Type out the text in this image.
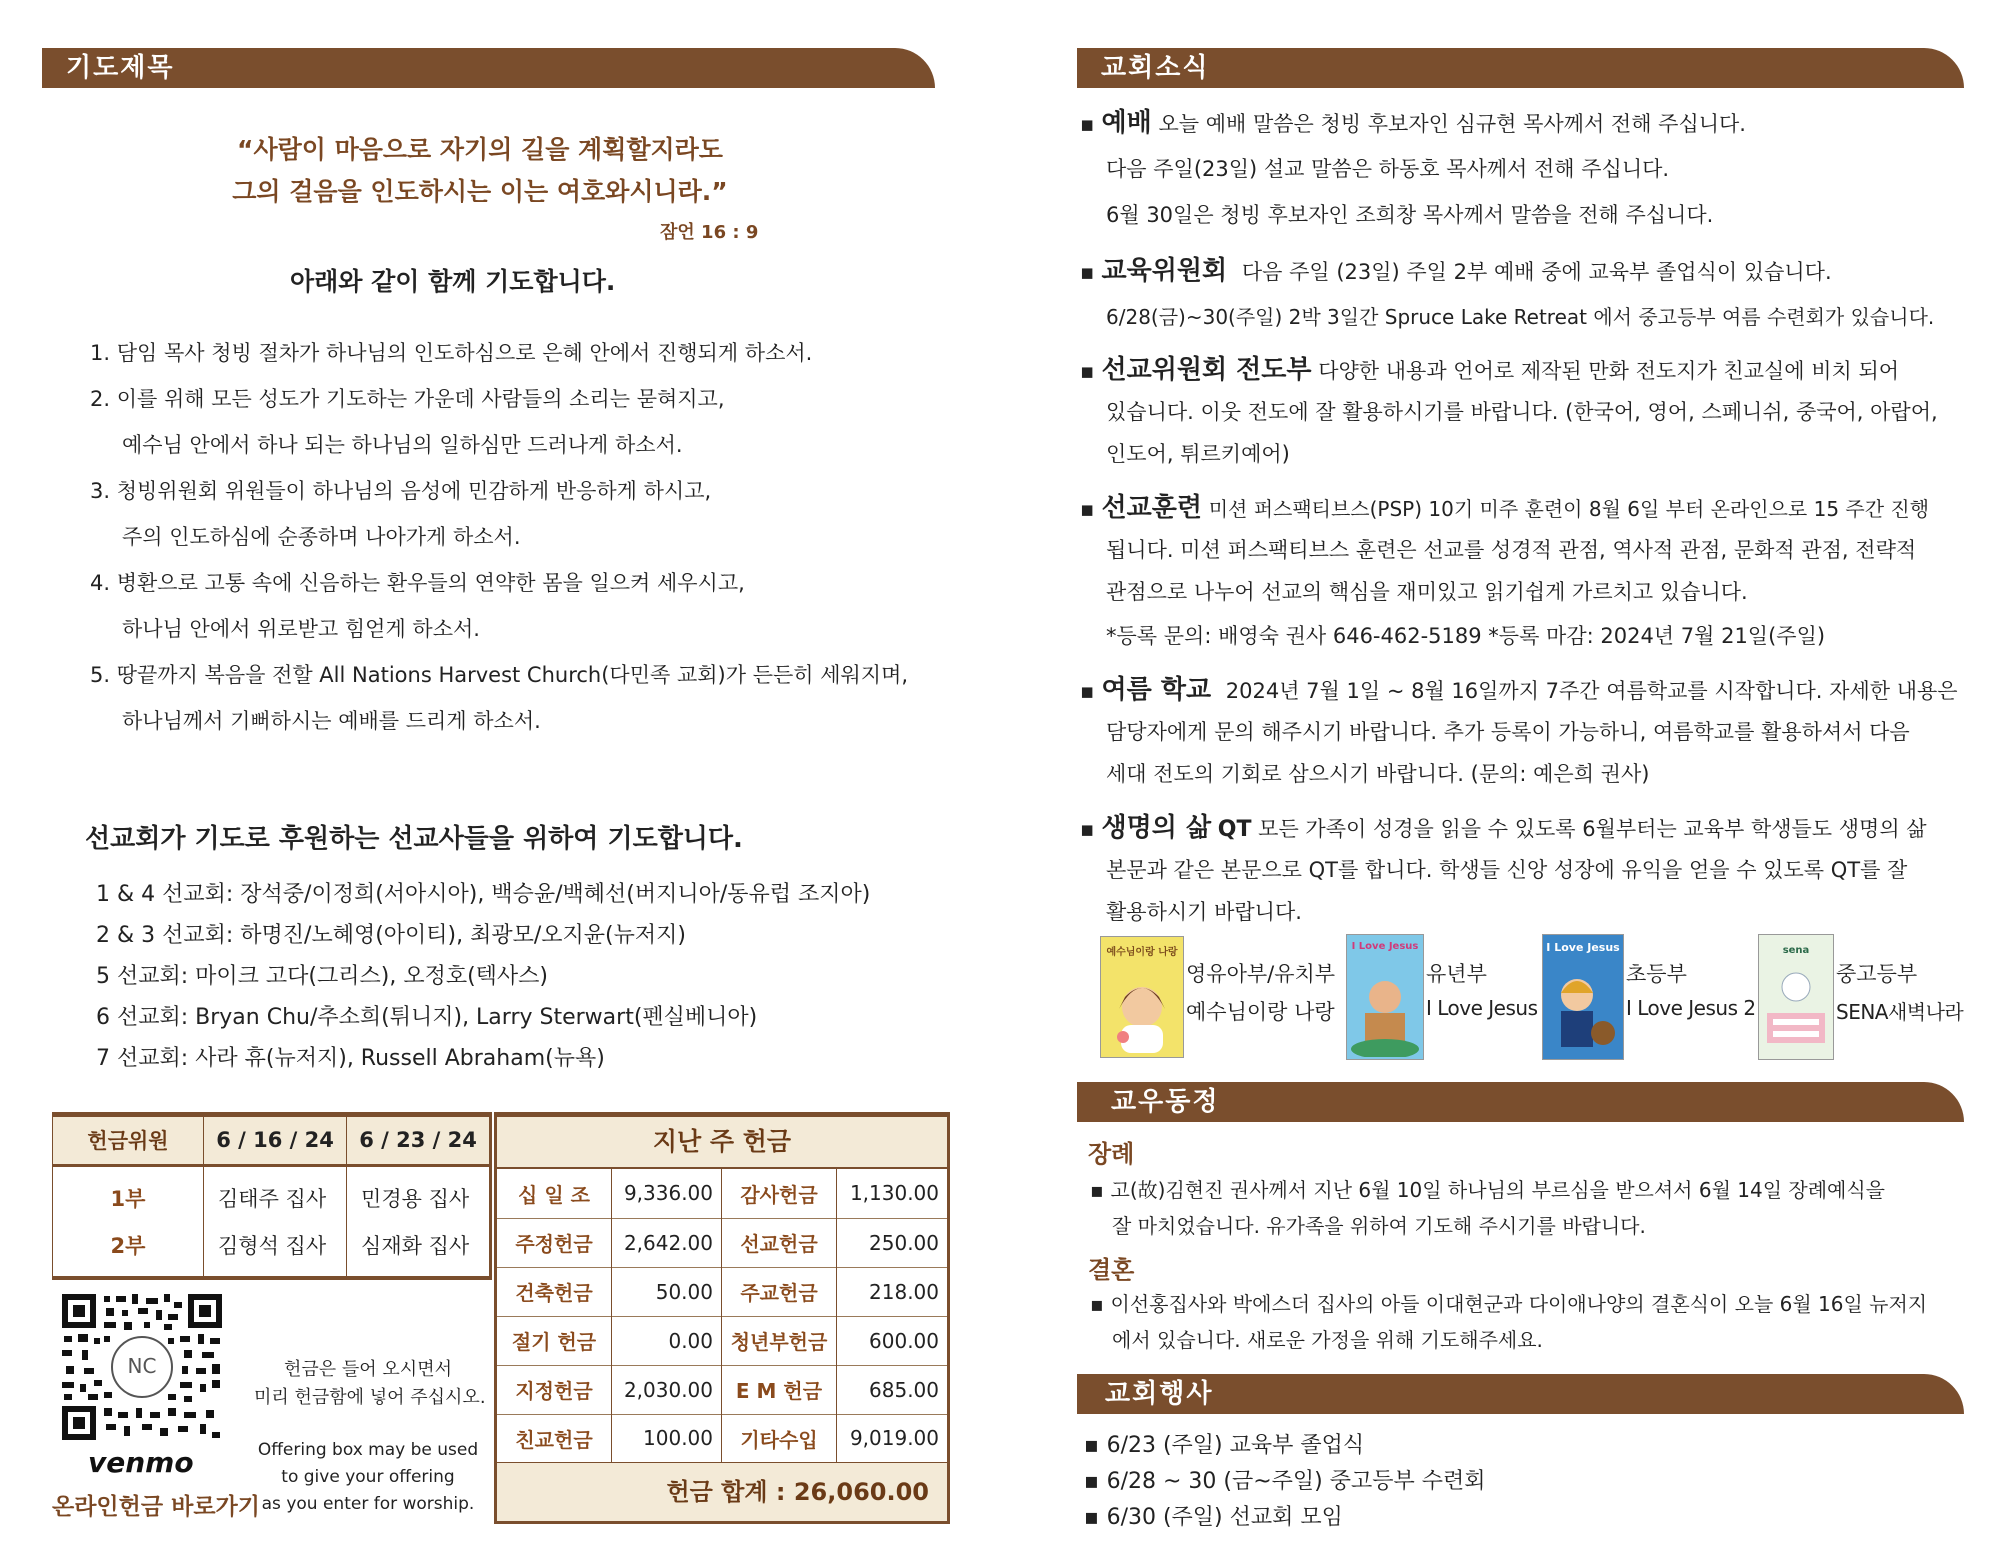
기도제목
“사람이 마음으로 자기의 길을 계획할지라도
그의 걸음을 인도하시는 이는 여호와시니라.”
잠언 16 : 9
아래와 같이 함께 기도합니다.
1. 담임 목사 청빙 절차가 하나님의 인도하심으로 은혜 안에서 진행되게 하소서.
2. 이를 위해 모든 성도가 기도하는 가운데 사람들의 소리는 묻혀지고,
예수님 안에서 하나 되는 하나님의 일하심만 드러나게 하소서.
3. 청빙위원회 위원들이 하나님의 음성에 민감하게 반응하게 하시고,
주의 인도하심에 순종하며 나아가게 하소서.
4. 병환으로 고통 속에 신음하는 환우들의 연약한 몸을 일으켜 세우시고,
하나님 안에서 위로받고 힘얻게 하소서.
5. 땅끝까지 복음을 전할 All Nations Harvest Church(다민족 교회)가 든든히 세워지며,
하나님께서 기뻐하시는 예배를 드리게 하소서.
선교회가 기도로 후원하는 선교사들을 위하여 기도합니다.
1 & 4 선교회: 장석중/이정희(서아시아), 백승윤/백혜선(버지니아/동유럽 조지아)
2 & 3 선교회: 하명진/노혜영(아이티), 최광모/오지윤(뉴저지)
5 선교회: 마이크 고다(그리스), 오정호(텍사스)
6 선교회: Bryan Chu/추소희(튀니지), Larry Sterwart(펜실베니아)
7 선교회: 사라 휴(뉴저지), Russell Abraham(뉴욕)
헌금위원	6 / 16 / 24	6 / 23 / 24
1부	김태주 집사	민경용 집사
2부	김형석 집사	심재화 집사
NC
venmo
온라인헌금 바로가기
헌금은 들어 오시면서
미리 헌금함에 넣어 주십시오.
Offering box may be used
to give your offering
as you enter for worship.
지난 주 헌금
십 일 조	9,336.00	감사헌금	1,130.00
주정헌금	2,642.00	선교헌금	250.00
건축헌금	50.00	주교헌금	218.00
절기 헌금	0.00	청년부헌금	600.00
지정헌금	2,030.00	E M 헌금	685.00
친교헌금	100.00	기타수입	9,019.00
헌금 합계 : 26,060.00
교회소식
▪ 예배 오늘 예배 말씀은 청빙 후보자인 심규현 목사께서 전해 주십니다.
다음 주일(23일) 설교 말씀은 하동호 목사께서 전해 주십니다.
6월 30일은 청빙 후보자인 조희창 목사께서 말씀을 전해 주십니다.
▪ 교육위원회 다음 주일 (23일) 주일 2부 예배 중에 교육부 졸업식이 있습니다.
6/28(금)~30(주일) 2박 3일간 Spruce Lake Retreat 에서 중고등부 여름 수련회가 있습니다.
▪ 선교위원회 전도부 다양한 내용과 언어로 제작된 만화 전도지가 친교실에 비치 되어
있습니다. 이웃 전도에 잘 활용하시기를 바랍니다. (한국어, 영어, 스페니쉬, 중국어, 아랍어,
인도어, 튀르키예어)
▪ 선교훈련 미션 퍼스팩티브스(PSP) 10기 미주 훈련이 8월 6일 부터 온라인으로 15 주간 진행
됩니다. 미션 퍼스팩티브스 훈련은 선교를 성경적 관점, 역사적 관점, 문화적 관점, 전략적
관점으로 나누어 선교의 핵심을 재미있고 읽기쉽게 가르치고 있습니다.
*등록 문의: 배영숙 권사 646-462-5189 *등록 마감: 2024년 7월 21일(주일)
▪ 여름 학교 2024년 7월 1일 ~ 8월 16일까지 7주간 여름학교를 시작합니다. 자세한 내용은
담당자에게 문의 해주시기 바랍니다. 추가 등록이 가능하니, 여름학교를 활용하셔서 다음
세대 전도의 기회로 삼으시기 바랍니다. (문의: 예은희 권사)
▪ 생명의 삶 QT 모든 가족이 성경을 읽을 수 있도록 6월부터는 교육부 학생들도 생명의 삶
본문과 같은 본문으로 QT를 합니다. 학생들 신앙 성장에 유익을 얻을 수 있도록 QT를 잘
활용하시기 바랍니다.
예수님이랑 나랑
영유아부/유치부
예수님이랑 나랑
I Love Jesus
유년부
I Love Jesus
I Love Jesus
초등부
I Love Jesus 2
sena
중고등부
SENA새벽나라
교우동정
장례
▪ 고(故)김현진 권사께서 지난 6월 10일 하나님의 부르심을 받으셔서 6월 14일 장례예식을
잘 마치었습니다. 유가족을 위하여 기도해 주시기를 바랍니다.
결혼
▪ 이선홍집사와 박에스더 집사의 아들 이대현군과 다이애나양의 결혼식이 오늘 6월 16일 뉴저지
에서 있습니다. 새로운 가정을 위해 기도해주세요.
교회행사
▪ 6/23 (주일) 교육부 졸업식
▪ 6/28 ~ 30 (금~주일) 중고등부 수련회
▪ 6/30 (주일) 선교회 모임
